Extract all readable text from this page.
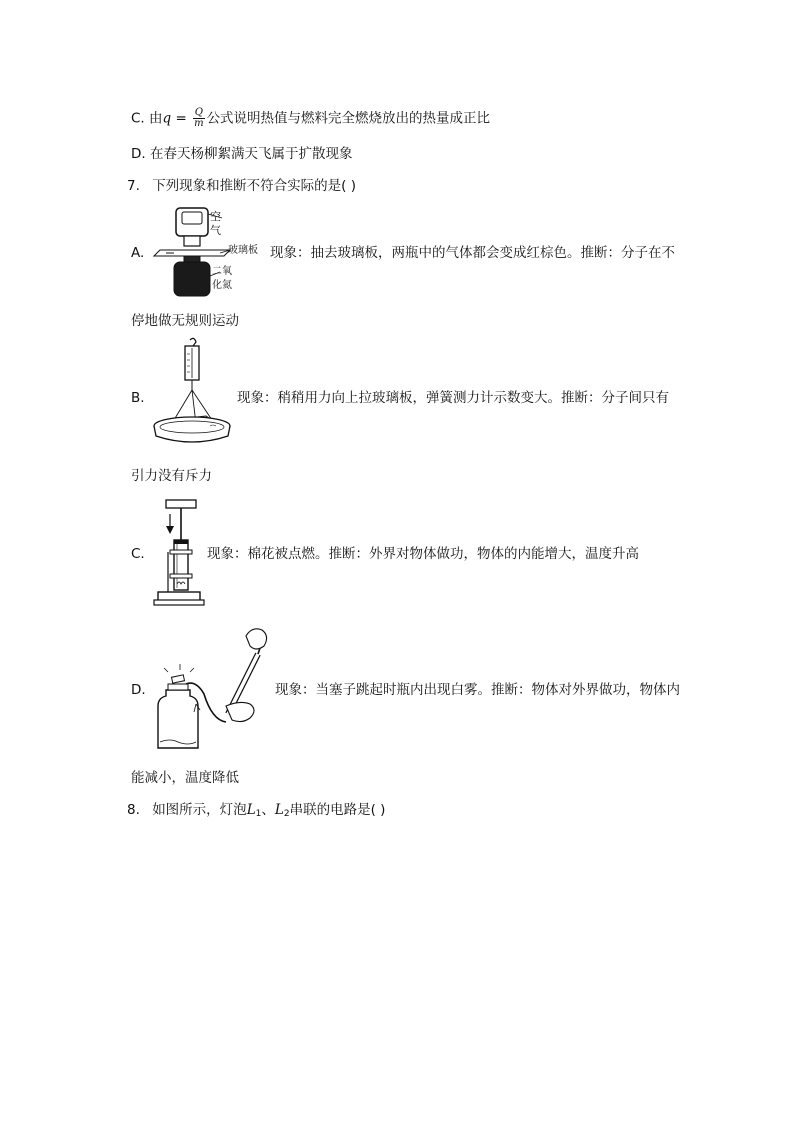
C. 由$q = \frac{Q}{m}$ 公式说明热值与燃料完全燃烧放出的热量成正比
D. 在春天杨柳絮满天飞属于扩散现象
7. 下列现象和推断不符合实际的是( )
A.
空
气
玻璃板
二氧
化氮
现象：抽去玻璃板，两瓶中的气体都会变成红棕色。推断：分子在不
停地做无规则运动
B.	现象：稍稍用力向上拉玻璃板，弹簧测力计示数变大。推断：分子间只有
引力没有斥力
C.	现象：棉花被点燃。推断：外界对物体做功，物体的内能增大，温度升高
D.	现象：当塞子跳起时瓶内出现白雾。推断：物体对外界做功，物体内
能减小，温度降低
8. 如图所示，灯泡$L_1$、$L_2$串联的电路是( )
